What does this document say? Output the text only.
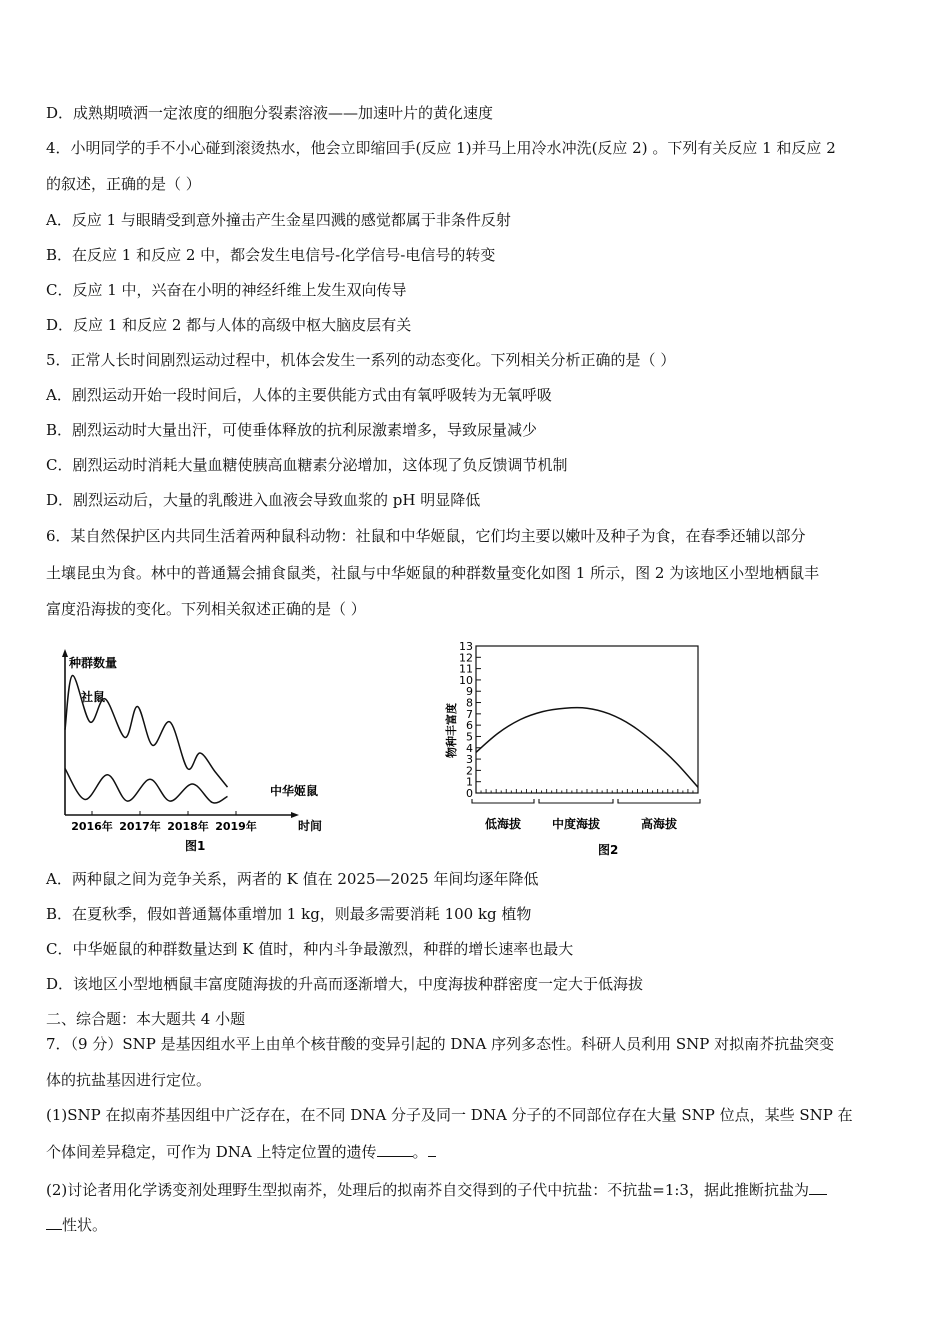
D．成熟期喷洒一定浓度的细胞分裂素溶液——加速叶片的黄化速度
4．小明同学的手不小心碰到滚烫热水，他会立即缩回手(反应 1)并马上用冷水冲洗(反应 2) 。下列有关反应 1 和反应 2
的叙述，正确的是（ ）
A．反应 1 与眼睛受到意外撞击产生金星四溅的感觉都属于非条件反射
B．在反应 1 和反应 2 中，都会发生电信号-化学信号-电信号的转变
C．反应 1 中，兴奋在小明的神经纤维上发生双向传导
D．反应 1 和反应 2 都与人体的高级中枢大脑皮层有关
5．正常人长时间剧烈运动过程中，机体会发生一系列的动态变化。下列相关分析正确的是（ ）
A．剧烈运动开始一段时间后，人体的主要供能方式由有氧呼吸转为无氧呼吸
B．剧烈运动时大量出汗，可使垂体释放的抗利尿激素增多，导致尿量减少
C．剧烈运动时消耗大量血糖使胰高血糖素分泌增加，这体现了负反馈调节机制
D．剧烈运动后，大量的乳酸进入血液会导致血浆的 pH 明显降低
6．某自然保护区内共同生活着两种鼠科动物：社鼠和中华姬鼠，它们均主要以嫩叶及种子为食，在春季还辅以部分
土壤昆虫为食。林中的普通鵟会捕食鼠类，社鼠与中华姬鼠的种群数量变化如图 1 所示，图 2 为该地区小型地栖鼠丰
富度沿海拔的变化。下列相关叙述正确的是（ ）
种群数量
社鼠
中华姬鼠
2016年 2017年 2018年 2019年	时间
图1
0
1
2
3
4
5
6
7
8
9
10
11
12
13
物种丰富度
低海拔	中度海拔	高海拔
图2
A．两种鼠之间为竞争关系，两者的 K 值在 2025—2025 年间均逐年降低
B．在夏秋季，假如普通鵟体重增加 1 kg，则最多需要消耗 100 kg 植物
C．中华姬鼠的种群数量达到 K 值时，种内斗争最激烈，种群的增长速率也最大
D．该地区小型地栖鼠丰富度随海拔的升高而逐渐增大，中度海拔种群密度一定大于低海拔
二、综合题：本大题共 4 小题
7．（9 分）SNP 是基因组水平上由单个核苷酸的变异引起的 DNA 序列多态性。科研人员利用 SNP 对拟南芥抗盐突变
体的抗盐基因进行定位。
(1)SNP 在拟南芥基因组中广泛存在，在不同 DNA 分子及同一 DNA 分子的不同部位存在大量 SNP 位点，某些 SNP 在
个体间差异稳定，可作为 DNA 上特定位置的遗传 。
(2)讨论者用化学诱变剂处理野生型拟南芥，处理后的拟南芥自交得到的子代中抗盐：不抗盐=1:3，据此推断抗盐为
性状。
